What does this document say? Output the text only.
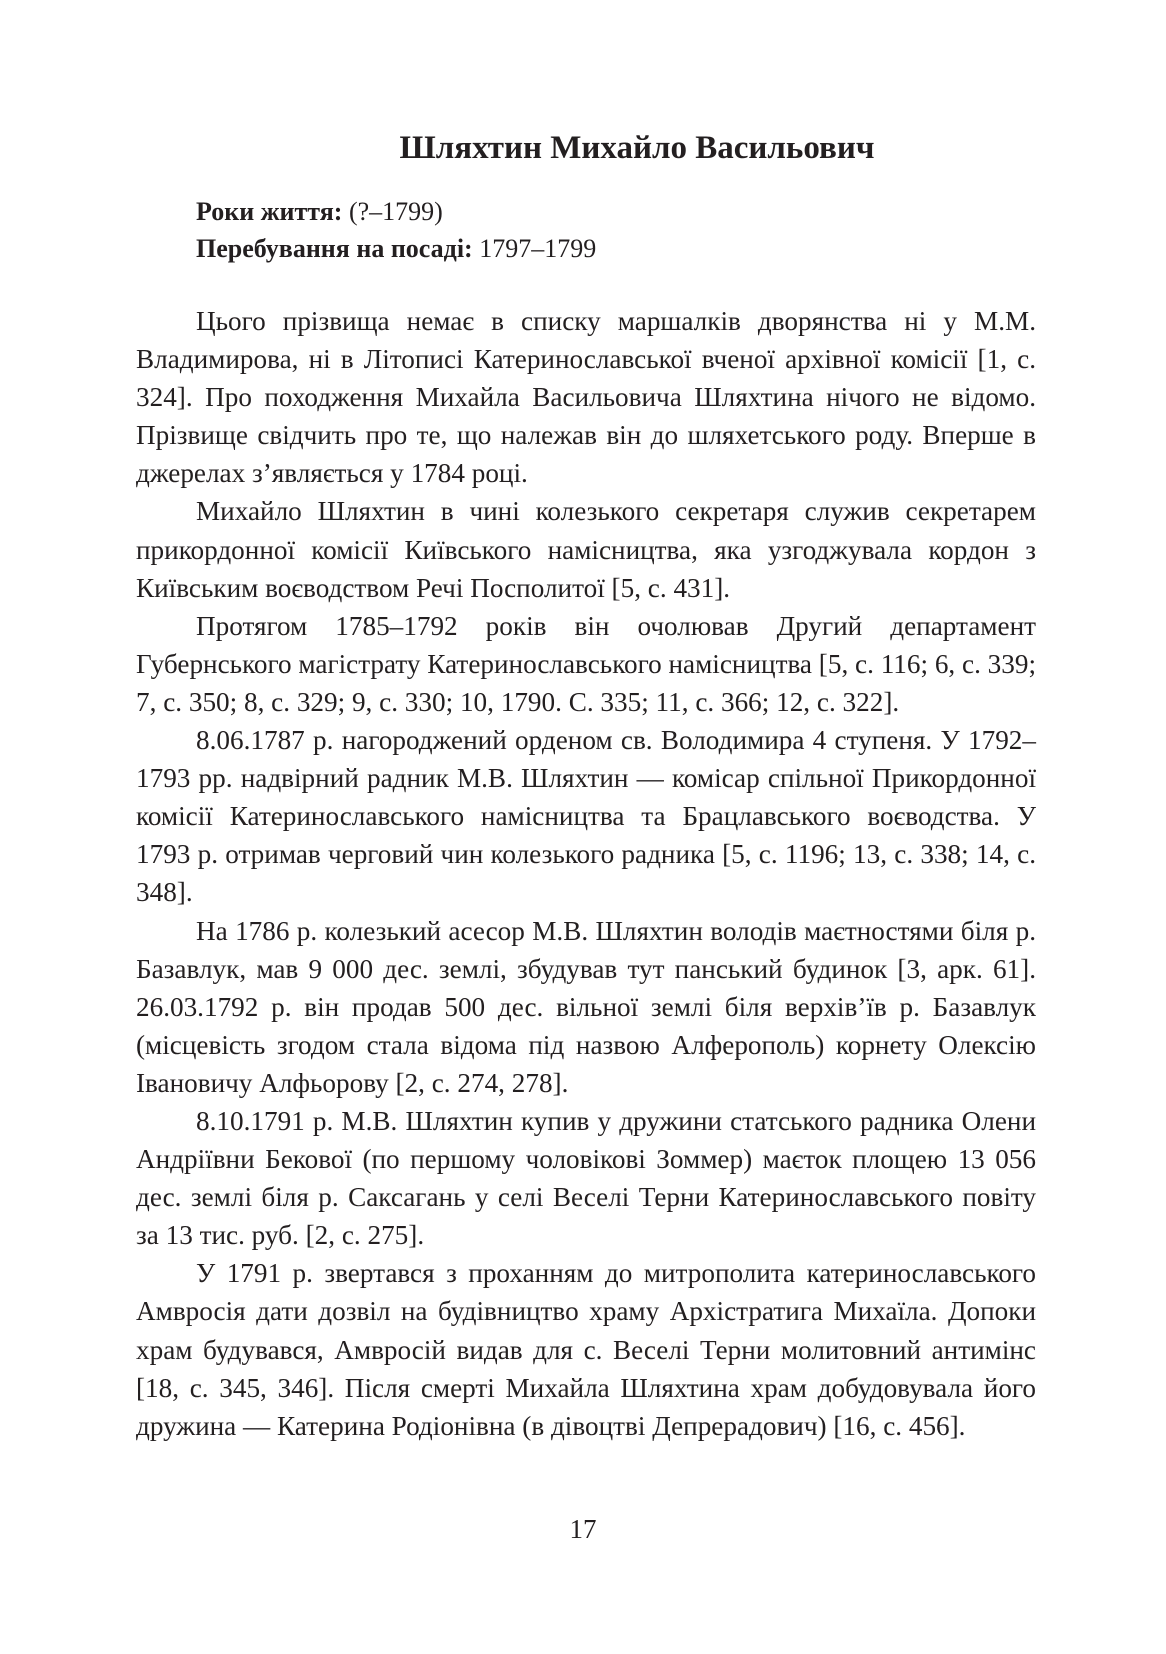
Шляхтин Михайло Васильович
Роки життя: (?–1799)
Перебування на посаді: 1797–1799

Цього прізвища немає в списку маршалків дворянства ні у М.М. Владимирова, ні в Літописі Катеринославської вченої архівної комісії [1, с. 324]. Про походження Михайла Васильовича Шляхтина нічого не відомо. Прізвище свідчить про те, що належав він до шляхетського роду. Вперше в джерелах з’являється у 1784 році.

Михайло Шляхтин в чині колезького секретаря служив секретарем прикордонної комісії Київського намісництва, яка узгоджувала кордон з Київським воєводством Речі Посполитої [5, с. 431].

Протягом 1785–1792 років він очолював Другий департамент Губернського магістрату Катеринославського намісництва [5, с. 116; 6, с. 339; 7, с. 350; 8, с. 329; 9, с. 330; 10, 1790. С. 335; 11, с. 366; 12, с. 322].

8.06.1787 р. нагороджений орденом св. Володимира 4 ступеня. У 1792–1793 рр. надвірний радник М.В. Шляхтин — комісар спільної Прикордонної комісії Катеринославського намісництва та Брацлавського воєводства. У 1793 р. отримав черговий чин колезького радника [5, с. 1196; 13, с. 338; 14, с. 348].

На 1786 р. колезький асесор М.В. Шляхтин володів маєтностями біля р. Базавлук, мав 9 000 дес. землі, збудував тут панський будинок [3, арк. 61]. 26.03.1792 р. він продав 500 дес. вільної землі біля верхів’їв р. Базавлук (місцевість згодом стала відома під назвою Алферополь) корнету Олексію Івановичу Алфьорову [2, с. 274, 278].

8.10.1791 р. М.В. Шляхтин купив у дружини статського радника Олени Андріївни Бекової (по першому чоловікові Зоммер) маєток площею 13 056 дес. землі біля р. Саксагань у селі Веселі Терни Катеринославського повіту за 13 тис. руб. [2, с. 275].

У 1791 р. звертався з проханням до митрополита катеринославського Амвросія дати дозвіл на будівництво храму Архістратига Михаїла. Допоки храм будувався, Амвросій видав для с. Веселі Терни молитовний антимінс [18, с. 345, 346]. Після смерті Михайла Шляхтина храм добудовувала його дружина — Катерина Родіонівна (в дівоцтві Депрерадович) [16, с. 456].

17
